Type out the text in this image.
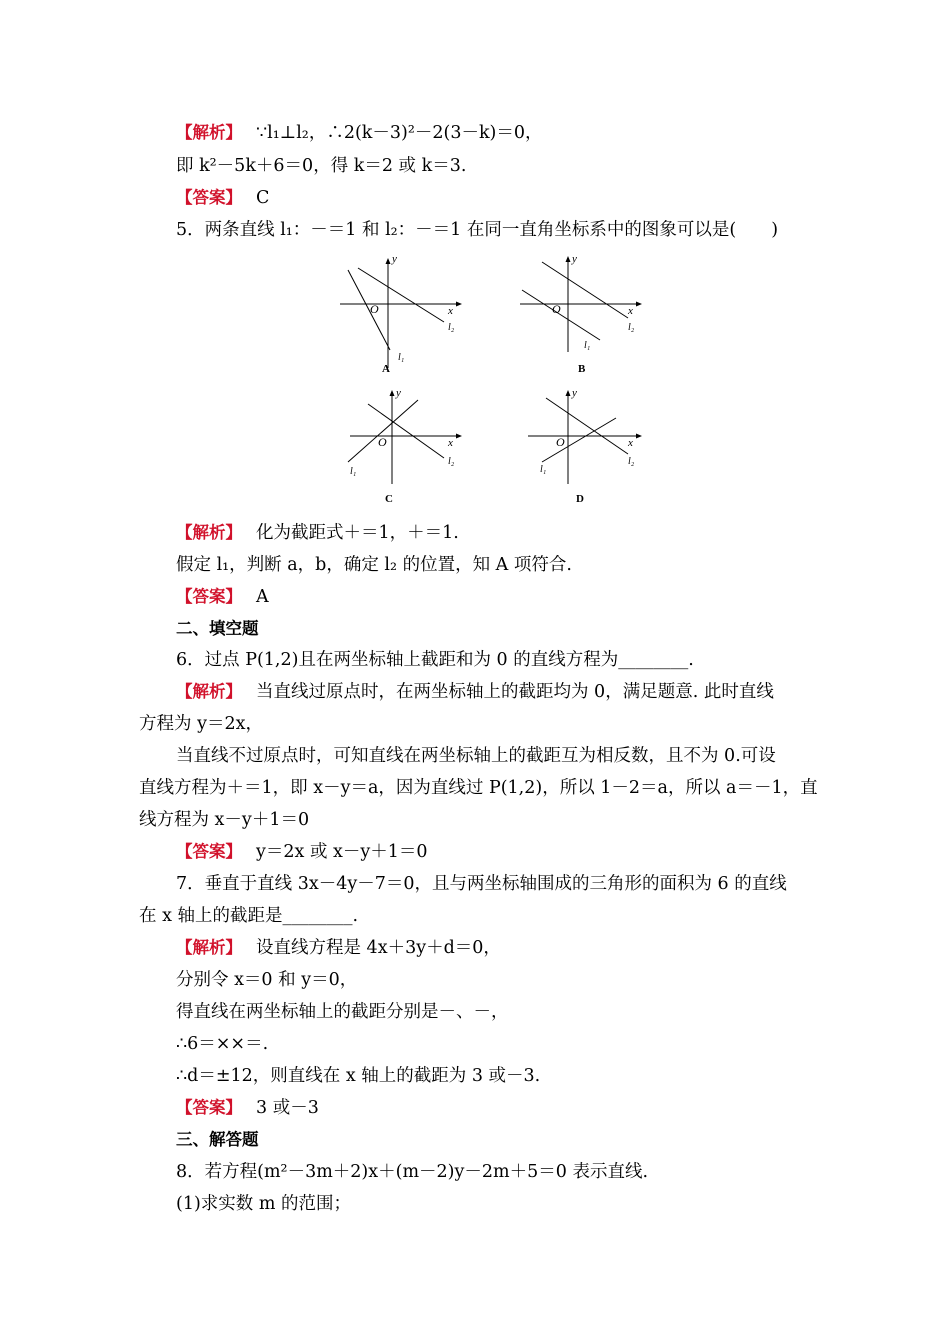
【解析】 ∵l₁⊥l₂，∴2(k－3)²－2(3－k)＝0，
即 k²－5k＋6＝0，得 k＝2 或 k＝3.
【答案】 C
5．两条直线 l₁：－＝1 和 l₂：－＝1 在同一直角坐标系中的图象可以是(　　)
y
x
O
l₁
l₂
A
y
x
O
l₁
l₂
B
y
x
O
l₁
l₂
C
y
x
O
l₁
l₂
D
【解析】 化为截距式＋＝1，＋＝1.
假定 l₁，判断 a，b，确定 l₂ 的位置，知 A 项符合.
【答案】 A
二、填空题
6．过点 P(1,2)且在两坐标轴上截距和为 0 的直线方程为________.
【解析】 当直线过原点时，在两坐标轴上的截距均为 0，满足题意. 此时直线
方程为 y＝2x，
当直线不过原点时，可知直线在两坐标轴上的截距互为相反数，且不为 0.可设
直线方程为＋＝1，即 x－y＝a，因为直线过 P(1,2)，所以 1－2＝a，所以 a＝－1，直
线方程为 x－y＋1＝0
【答案】 y＝2x 或 x－y＋1＝0
7．垂直于直线 3x－4y－7＝0，且与两坐标轴围成的三角形的面积为 6 的直线
在 x 轴上的截距是________.
【解析】 设直线方程是 4x＋3y＋d＝0，
分别令 x＝0 和 y＝0，
得直线在两坐标轴上的截距分别是－、－，
∴6＝××＝.
∴d＝±12，则直线在 x 轴上的截距为 3 或－3.
【答案】 3 或－3
三、解答题
8．若方程(m²－3m＋2)x＋(m－2)y－2m＋5＝0 表示直线.
(1)求实数 m 的范围；
